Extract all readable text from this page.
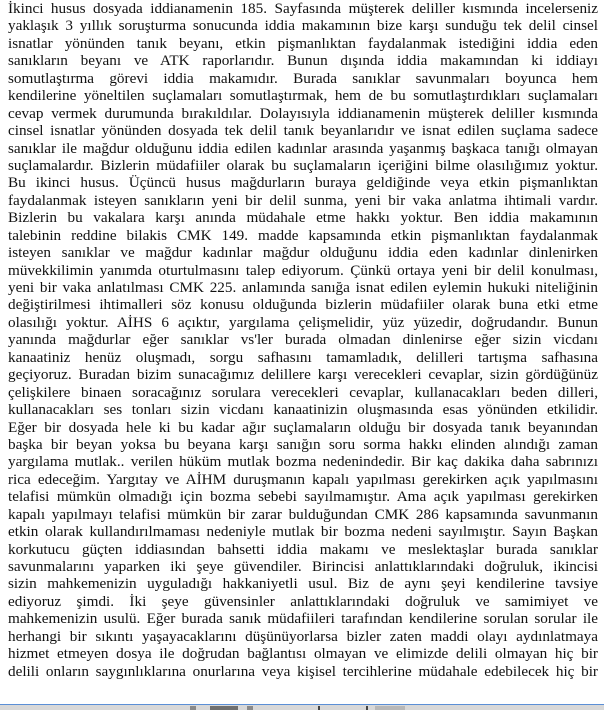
İkinci husus dosyada iddianamenin 185. Sayfasında müşterek deliller kısmında incelerseniz
yaklaşık 3 yıllık soruşturma sonucunda iddia makamının bize karşı sunduğu tek delil cinsel
isnatlar yönünden tanık beyanı, etkin pişmanlıktan faydalanmak istediğini iddia eden
sanıkların beyanı ve ATK raporlarıdır. Bunun dışında iddia makamından ki iddiayı
somutlaştırma görevi iddia makamıdır. Burada sanıklar savunmaları boyunca hem
kendilerine yöneltilen suçlamaları somutlaştırmak, hem de bu somutlaştırdıkları suçlamaları
cevap vermek durumunda bırakıldılar. Dolayısıyla iddianamenin müşterek deliller kısmında
cinsel isnatlar yönünden dosyada tek delil tanık beyanlarıdır ve isnat edilen suçlama sadece
sanıklar ile mağdur olduğunu iddia edilen kadınlar arasında yaşanmış başkaca tanığı olmayan
suçlamalardır. Bizlerin müdafiiler olarak bu suçlamaların içeriğini bilme olasılığımız yoktur.
Bu ikinci husus. Üçüncü husus mağdurların buraya geldiğinde veya etkin pişmanlıktan
faydalanmak isteyen sanıkların yeni bir delil sunma, yeni bir vaka anlatma ihtimali vardır.
Bizlerin bu vakalara karşı anında müdahale etme hakkı yoktur. Ben iddia makamının
talebinin reddine bilakis CMK 149. madde kapsamında etkin pişmanlıktan faydalanmak
isteyen sanıklar ve mağdur kadınlar mağdur olduğunu iddia eden kadınlar dinlenirken
müvekkilimin yanımda oturtulmasını talep ediyorum. Çünkü ortaya yeni bir delil konulması,
yeni bir vaka anlatılması CMK 225. anlamında sanığa isnat edilen eylemin hukuki niteliğinin
değiştirilmesi ihtimalleri söz konusu olduğunda bizlerin müdafiiler olarak buna etki etme
olasılığı yoktur. AİHS 6 açıktır, yargılama çelişmelidir, yüz yüzedir, doğrudandır. Bunun
yanında mağdurlar eğer sanıklar vs'ler burada olmadan dinlenirse eğer sizin vicdanı
kanaatiniz henüz oluşmadı, sorgu safhasını tamamladık, delilleri tartışma safhasına
geçiyoruz. Buradan bizim sunacağımız delillere karşı verecekleri cevaplar, sizin gördüğünüz
çelişkilere binaen soracağınız sorulara verecekleri cevaplar, kullanacakları beden dilleri,
kullanacakları ses tonları sizin vicdanı kanaatinizin oluşmasında esas yönünden etkilidir.
Eğer bir dosyada hele ki bu kadar ağır suçlamaların olduğu bir dosyada tanık beyanından
başka bir beyan yoksa bu beyana karşı sanığın soru sorma hakkı elinden alındığı zaman
yargılama mutlak.. verilen hüküm mutlak bozma nedenindedir. Bir kaç dakika daha sabrınızı
rica edeceğim. Yargıtay ve AİHM duruşmanın kapalı yapılması gerekirken açık yapılmasını
telafisi mümkün olmadığı için bozma sebebi sayılmamıştır. Ama açık yapılması gerekirken
kapalı yapılmayı telafisi mümkün bir zarar bulduğundan CMK 286 kapsamında savunmanın
etkin olarak kullandırılmaması nedeniyle mutlak bir bozma nedeni sayılmıştır. Sayın Başkan
korkutucu güçten iddiasından bahsetti iddia makamı ve meslektaşlar burada sanıklar
savunmalarını yaparken iki şeye güvendiler. Birincisi anlattıklarındaki doğruluk, ikincisi
sizin mahkemenizin uyguladığı hakkaniyetli usul. Biz de aynı şeyi kendilerine tavsiye
ediyoruz şimdi. İki şeye güvensinler anlattıklarındaki doğruluk ve samimiyet ve
mahkemenizin usulü. Eğer burada sanık müdafiileri tarafından kendilerine sorulan sorular ile
herhangi bir sıkıntı yaşayacaklarını düşünüyorlarsa bizler zaten maddi olayı aydınlatmaya
hizmet etmeyen dosya ile doğrudan bağlantısı olmayan ve elimizde delili olmayan hiç bir
delili onların saygınlıklarına onurlarına veya kişisel tercihlerine müdahale edebilecek hiç bir
